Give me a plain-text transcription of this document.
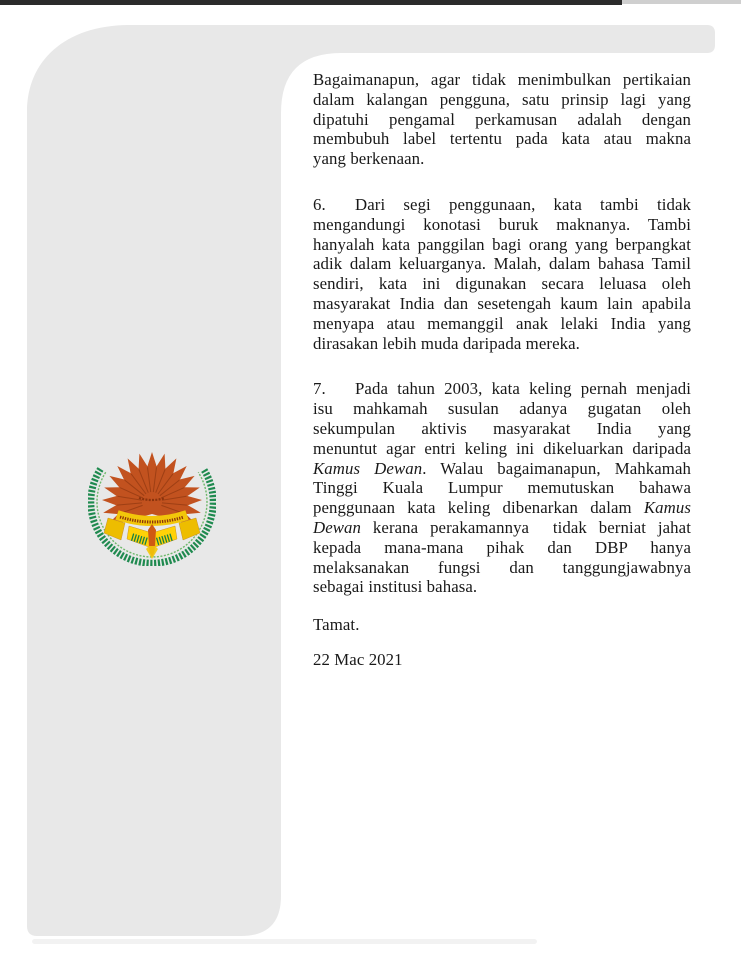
Bagaimanapun, agar tidak menimbulkan pertikaian
dalam kalangan pengguna, satu prinsip lagi yang
dipatuhi pengamal perkamusan adalah dengan
membubuh label tertentu pada kata atau makna
yang berkenaan.
6. Dari segi penggunaan, kata tambi tidak
mengandungi konotasi buruk maknanya. Tambi
hanyalah kata panggilan bagi orang yang berpangkat
adik dalam keluarganya. Malah, dalam bahasa Tamil
sendiri, kata ini digunakan secara leluasa oleh
masyarakat India dan sesetengah kaum lain apabila
menyapa atau memanggil anak lelaki India yang
dirasakan lebih muda daripada mereka.
7. Pada tahun 2003, kata keling pernah menjadi
isu mahkamah susulan adanya gugatan oleh
sekumpulan aktivis masyarakat India yang
menuntut agar entri keling ini dikeluarkan daripada
Kamus Dewan. Walau bagaimanapun, Mahkamah
Tinggi Kuala Lumpur memutuskan bahawa
penggunaan kata keling dibenarkan dalam Kamus
Dewan kerana perakamannya  tidak berniat jahat
kepada mana-mana pihak dan DBP hanya
melaksanakan fungsi dan tanggungjawabnya
sebagai institusi bahasa.
Tamat.
22 Mac 2021
